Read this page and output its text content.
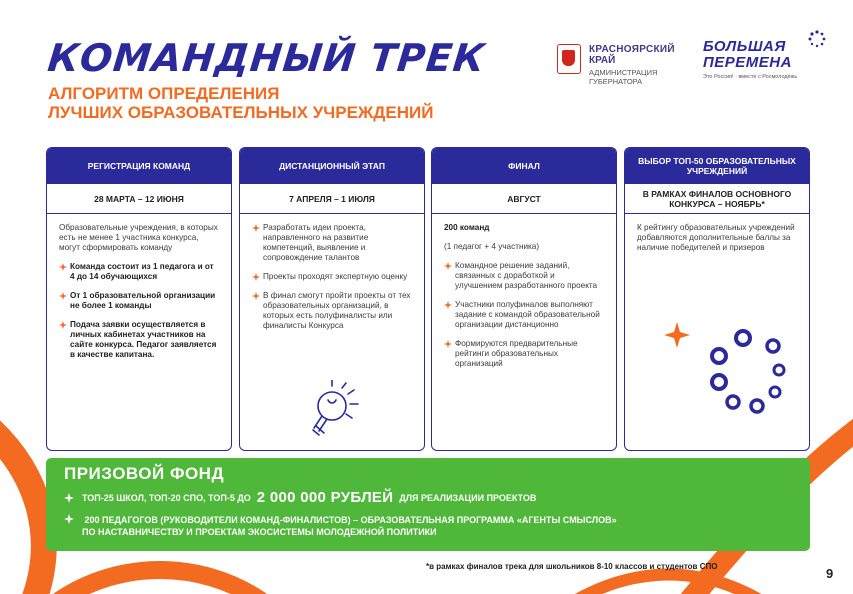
КОМАНДНЫЙ ТРЕК
АЛГОРИТМ ОПРЕДЕЛЕНИЯ
ЛУЧШИХ ОБРАЗОВАТЕЛЬНЫХ УЧРЕЖДЕНИЙ
КРАСНОЯРСКИЙ
КРАЙ
АДМИНИСТРАЦИЯ
ГУБЕРНАТОРА
БОЛЬШАЯ
ПЕРЕМЕНА
Это Россия! · вместе с Росмолодёжь
РЕГИСТРАЦИЯ КОМАНД
28 МАРТА – 12 ИЮНЯ

Образовательные учреждения, в которых есть не менее 1 участника конкурса, могут сформировать команду

Команда состоит из 1 педагога и от 4 до 14 обучающихся
От 1 образовательной организации не более 1 команды
Подача заявки осуществляется в личных кабинетах участников на сайте конкурса. Педагог заявляется в качестве капитана.
ДИСТАНЦИОННЫЙ ЭТАП
7 АПРЕЛЯ – 1 ИЮЛЯ
Разработать идеи проекта, направленного на развитие компетенций, выявление и сопровождение талантов
Проекты проходят экспертную оценку
В финал смогут пройти проекты от тех образовательных организаций, в которых есть полуфиналисты или финалисты Конкурса
ФИНАЛ
АВГУСТ

200 команд

(1 педагог + 4 участника)

Командное решение заданий, связанных с доработкой и улучшением разработанного проекта
Участники полуфиналов выполняют задание с командой образовательной организации дистанционно
Формируются предварительные рейтинги образовательных организаций
ВЫБОР ТОП-50 ОБРАЗОВАТЕЛЬНЫХ УЧРЕЖДЕНИЙ
В РАМКАХ ФИНАЛОВ ОСНОВНОГО КОНКУРСА – НОЯБРЬ*

К рейтингу образовательных учреждений добавляются дополнительные баллы за наличие победителей и призеров

ПРИЗОВОЙ ФОНД
ТОП-25 ШКОЛ, ТОП-20 СПО, ТОП-5 ДО 2 000 000 РУБЛЕЙ ДЛЯ РЕАЛИЗАЦИИ ПРОЕКТОВ
200 ПЕДАГОГОВ (РУКОВОДИТЕЛИ КОМАНД-ФИНАЛИСТОВ) – ОБРАЗОВАТЕЛЬНАЯ ПРОГРАММА «АГЕНТЫ СМЫСЛОВ»
ПО НАСТАВНИЧЕСТВУ И ПРОЕКТАМ ЭКОСИСТЕМЫ МОЛОДЕЖНОЙ ПОЛИТИКИ
*в рамках финалов трека для школьников 8-10 классов и студентов СПО	9
